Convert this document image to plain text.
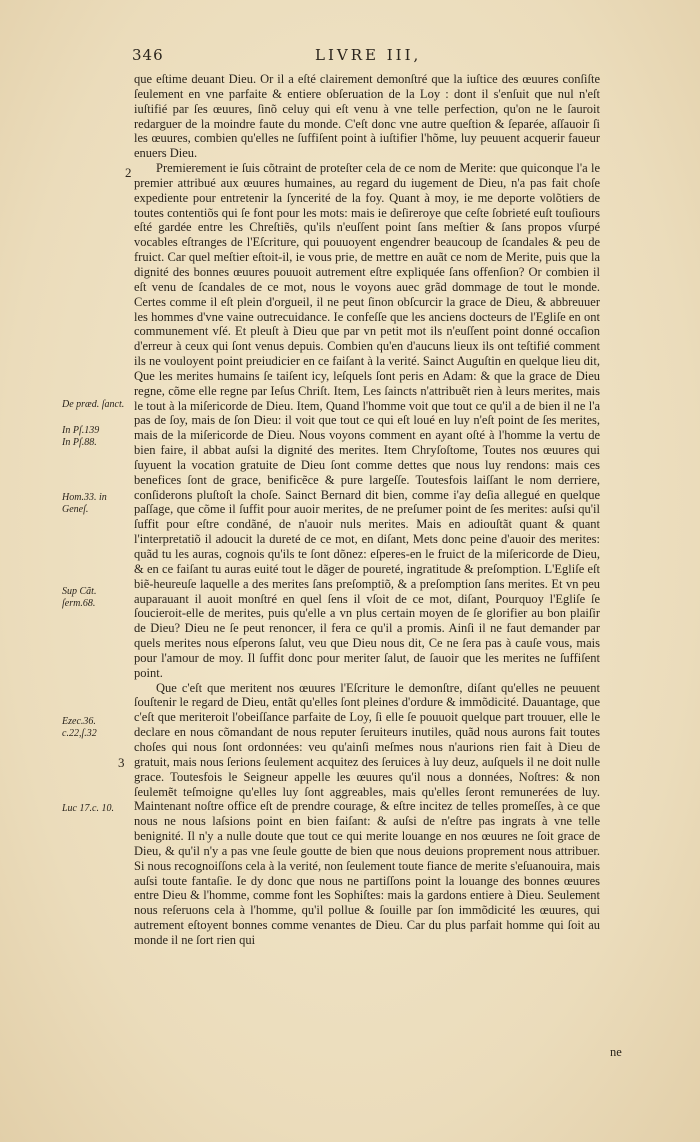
346	LIVRE III,
2
3
De præd. ſanct.
In Pſ.139
In Pſ.88.
Hom.33. in Geneſ.
Sup Cãt. ſerm.68.
Ezec.36. c.22,ſ.32
Luc 17.c. 10.

que eſtime deuant Dieu. Or il a eſté clairement demonſtré que la iuſtice des œuures conſiſte ſeulement en vne parfaite & entiere obſeruation de la Loy : dont il s'enſuit que nul n'eſt iuſtifié par ſes œuures, ſinõ celuy qui eſt venu à vne telle perfection, qu'on ne le ſauroit redarguer de la moindre faute du monde. C'eſt donc vne autre queſtion & ſeparée, aſſauoir ſi les œuures, combien qu'elles ne ſuffiſent point à iuſtifier l'hõme, luy peuuent acquerir faueur enuers Dieu.

Premierement ie ſuis cõtraint de proteſter cela de ce nom de Merite: que quiconque l'a le premier attribué aux œuures humaines, au regard du iugement de Dieu, n'a pas fait choſe expediente pour entretenir la ſyncerité de la foy. Quant à moy, ie me deporte volõtiers de toutes contentiõs qui ſe font pour les mots: mais ie deſireroye que ceſte ſobrieté euſt touſiours eſté gardée entre les Chreſtiẽs, qu'ils n'euſſent point ſans meſtier & ſans propos vſurpé vocables eſtranges de l'Eſcriture, qui pouuoyent engendrer beaucoup de ſcandales & peu de fruict. Car quel meſtier eſtoit-il, ie vous prie, de mettre en auãt ce nom de Merite, puis que la dignité des bonnes œuures pouuoit autrement eſtre expliquée ſans offenſion? Or combien il eſt venu de ſcandales de ce mot, nous le voyons auec grãd dommage de tout le monde. Certes comme il eſt plein d'orgueil, il ne peut ſinon obſcurcir la grace de Dieu, & abbreuuer les hommes d'vne vaine outrecuidance. Ie confeſſe que les anciens docteurs de l'Egliſe en ont communement vſé. Et pleuſt à Dieu que par vn petit mot ils n'euſſent point donné occaſion d'erreur à ceux qui ſont venus depuis. Combien qu'en d'aucuns lieux ils ont teſtifié comment ils ne vouloyent point preiudicier en ce faiſant à la verité. Sainct Auguſtin en quelque lieu dit, Que les merites humains ſe taiſent icy, leſquels ſont peris en Adam: & que la grace de Dieu regne, cõme elle regne par Ieſus Chriſt. Item, Les ſaincts n'attribuẽt rien à leurs merites, mais le tout à la miſericorde de Dieu. Item, Quand l'homme voit que tout ce qu'il a de bien il ne l'a pas de ſoy, mais de ſon Dieu: il voit que tout ce qui eſt loué en luy n'eſt point de ſes merites, mais de la miſericorde de Dieu. Nous voyons comment en ayant oſté à l'homme la vertu de bien faire, il abbat auſsi la dignité des merites. Item Chryſoſtome, Toutes nos œuures qui ſuyuent la vocation gratuite de Dieu ſont comme dettes que nous luy rendons: mais ces benefices ſont de grace, benificẽce & pure largeſſe. Toutesfois laiſſant le nom derriere, conſiderons pluſtoſt la choſe. Sainct Bernard dit bien, comme i'ay deſia allegué en quelque paſſage, que cõme il ſuffit pour auoir merites, de ne preſumer point de ſes merites: auſsi qu'il ſuffit pour eſtre condãné, de n'auoir nuls merites. Mais en adiouſtãt quant & quant l'interpretatiõ il adoucit la dureté de ce mot, en diſant, Mets donc peine d'auoir des merites: quãd tu les auras, cognois qu'ils te ſont dõnez: eſperes-en le fruict de la miſericorde de Dieu, & en ce faiſant tu auras euité tout le dãger de poureté, ingratitude & preſomption. L'Egliſe eſt biẽ-heureuſe laquelle a des merites ſans preſomptiõ, & a preſomption ſans merites. Et vn peu auparauant il auoit monſtré en quel ſens il vſoit de ce mot, diſant, Pourquoy l'Egliſe ſe ſoucieroit-elle de merites, puis qu'elle a vn plus certain moyen de ſe glorifier au bon plaiſir de Dieu? Dieu ne ſe peut renoncer, il fera ce qu'il a promis. Ainſi il ne faut demander par quels merites nous eſperons ſalut, veu que Dieu nous dit, Ce ne ſera pas à cauſe vous, mais pour l'amour de moy. Il ſuffit donc pour meriter ſalut, de ſauoir que les merites ne ſuffiſent point.

Que c'eſt que meritent nos œuures l'Eſcriture le demonſtre, diſant qu'elles ne peuuent ſouſtenir le regard de Dieu, entãt qu'elles ſont pleines d'ordure & immõdicité. Dauantage, que c'eſt que meriteroit l'obeiſſance parfaite de Loy, ſi elle ſe pouuoit quelque part trouuer, elle le declare en nous cõmandant de nous reputer ſeruiteurs inutiles, quãd nous aurons fait toutes choſes qui nous ſont ordonnées: veu qu'ainſi meſmes nous n'aurions rien fait à Dieu de gratuit, mais nous ſerions ſeulement acquitez des ſeruices à luy deuz, auſquels il ne doit nulle grace. Toutesfois le Seigneur appelle les œuures qu'il nous a données, Noſtres: & non ſeulemẽt teſmoigne qu'elles luy ſont aggreables, mais qu'elles ſeront remunerées de luy. Maintenant noſtre office eſt de prendre courage, & eſtre incitez de telles promeſſes, à ce que nous ne nous laſsions point en bien faiſant: & auſsi de n'eſtre pas ingrats à vne telle benignité. Il n'y a nulle doute que tout ce qui merite louange en nos œuures ne ſoit grace de Dieu, & qu'il n'y a pas vne ſeule goutte de bien que nous deuions proprement nous attribuer. Si nous recognoiſſons cela à la verité, non ſeulement toute fiance de merite s'eſuanouira, mais auſsi toute fantaſie. Ie dy donc que nous ne partiſſons point la louange des bonnes œuures entre Dieu & l'homme, comme font les Sophiſtes: mais la gardons entiere à Dieu. Seulement nous reſeruons cela à l'homme, qu'il pollue & ſouille par ſon immõdicité les œuures, qui autrement eſtoyent bonnes comme venantes de Dieu. Car du plus parfait homme qui ſoit au monde il ne ſort rien qui

ne
